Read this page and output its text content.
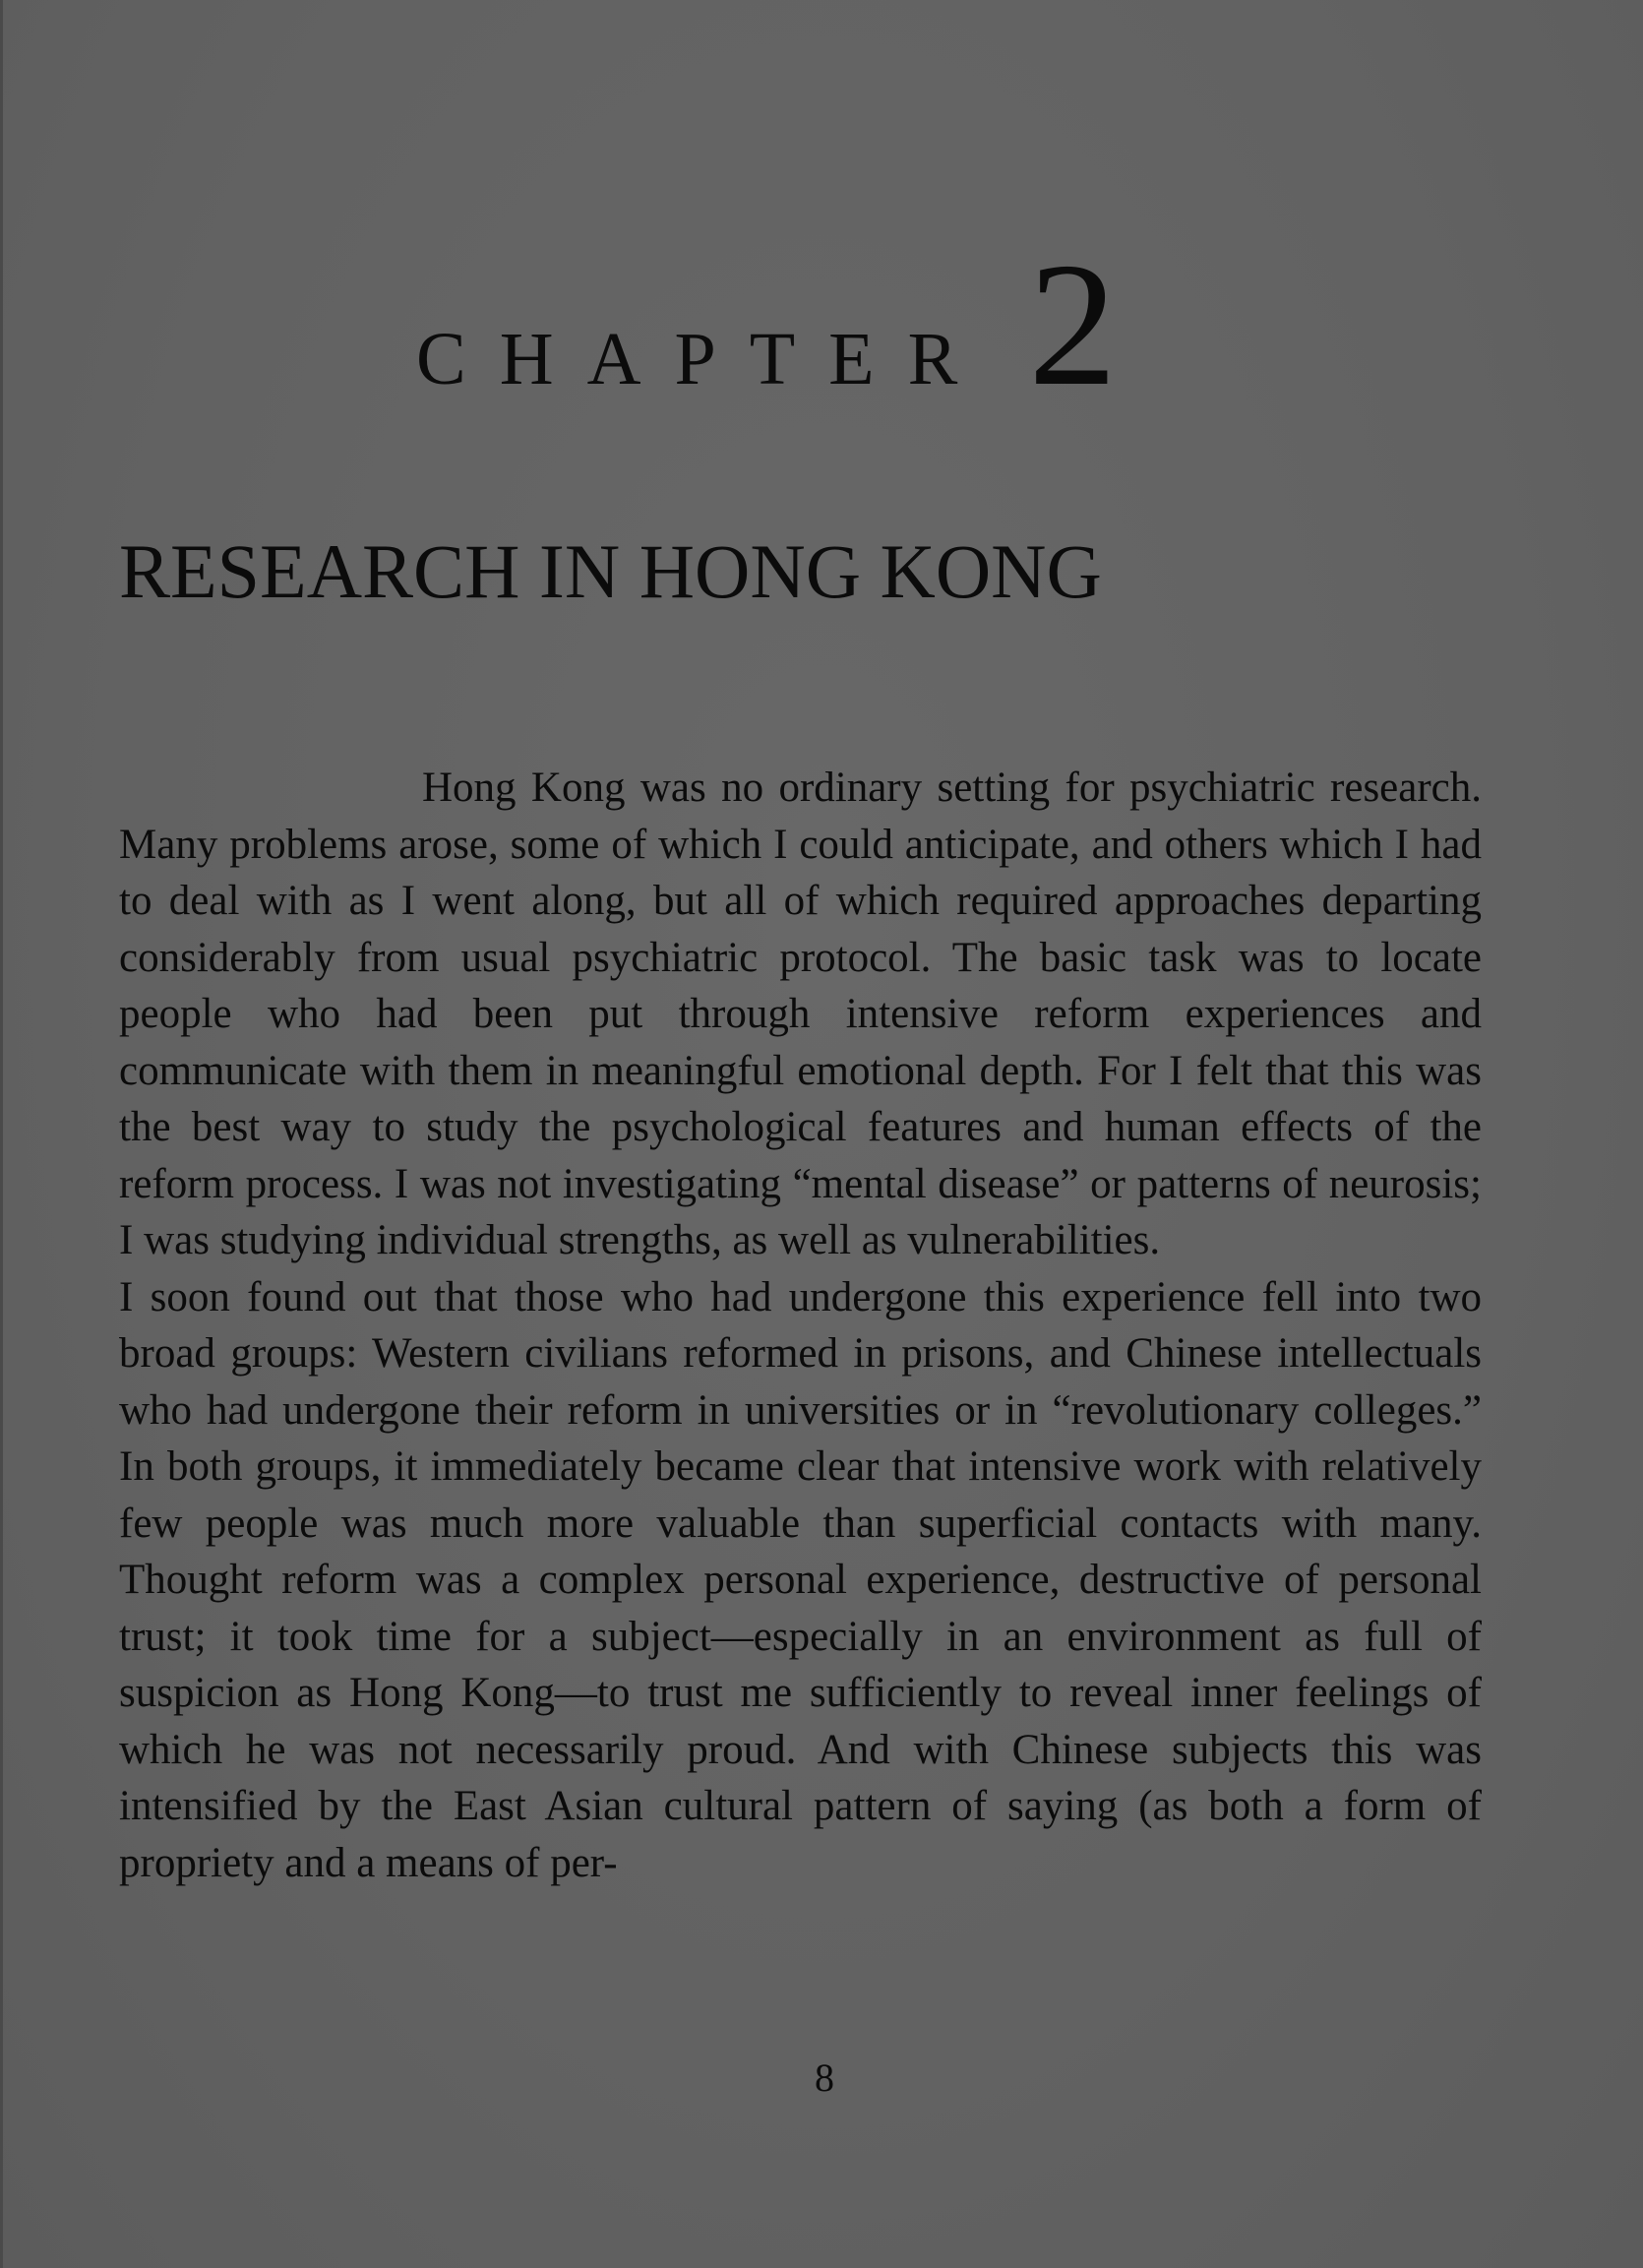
CHAPTER 2
RESEARCH IN HONG KONG

Hong Kong was no ordinary setting for psychiatric research. Many problems arose, some of which I could anticipate, and others which I had to deal with as I went along, but all of which required approaches departing considerably from usual psychiatric protocol. The basic task was to locate people who had been put through intensive reform experiences and communicate with them in meaningful emotional depth. For I felt that this was the best way to study the psychological features and human effects of the reform process. I was not investigating “mental disease” or patterns of neurosis; I was studying individual strengths, as well as vulnerabilities.

I soon found out that those who had undergone this experience fell into two broad groups: Western civilians reformed in prisons, and Chinese intellectuals who had undergone their reform in universities or in “revolutionary colleges.” In both groups, it immediately became clear that intensive work with relatively few people was much more valuable than superficial contacts with many. Thought reform was a complex personal experience, destructive of personal trust; it took time for a subject—especially in an environment as full of suspicion as Hong Kong—to trust me sufficiently to reveal inner feelings of which he was not necessarily proud. And with Chinese subjects this was intensified by the East Asian cultural pattern of saying (as both a form of propriety and a means of per-

8
